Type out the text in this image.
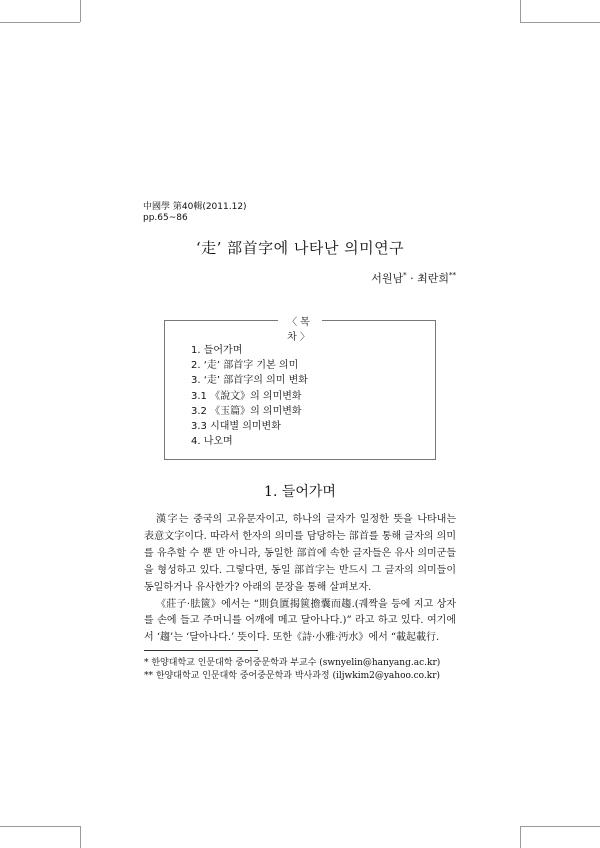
中國學 第40輯(2011.12)
pp.65~86
‘走’ 部首字에 나타난 의미연구
서원남* · 최란희**
〈목 차〉
1. 들어가며
2. ‘走’ 部首字 기본 의미
3. ‘走’ 部首字의 의미 변화
3.1 《說文》의 의미변화
3.2 《玉篇》의 의미변화
3.3 시대별 의미변화
4. 나오며
1. 들어가며

漢字는 중국의 고유문자이고, 하나의 글자가 일정한 뜻을 나타내는 表意文字이다. 따라서 한자의 의미를 담당하는 部首를 통해 글자의 의미를 유추할 수 뿐 만 아니라, 동일한 部首에 속한 글자들은 유사 의미군들을 형성하고 있다. 그렇다면, 동일 部首字는 반드시 그 글자의 의미들이 동일하거나 유사한가? 아래의 문장을 통해 살펴보자.

《莊子·胠篋》에서는 “則負匱揭篋擔囊而趨.(궤짝을 등에 지고 상자를 손에 들고 주머니를 어깨에 메고 달아나다.)” 라고 하고 있다. 여기에서 ‘趨’는 ‘달아나다.’ 뜻이다. 또한《詩·小雅·沔水》에서 “載起載行.

* 한양대학교 인문대학 중어중문학과 부교수 (swnyelin@hanyang.ac.kr)
** 한양대학교 인문대학 중어중문학과 박사과정 (iljwkim2@yahoo.co.kr)
